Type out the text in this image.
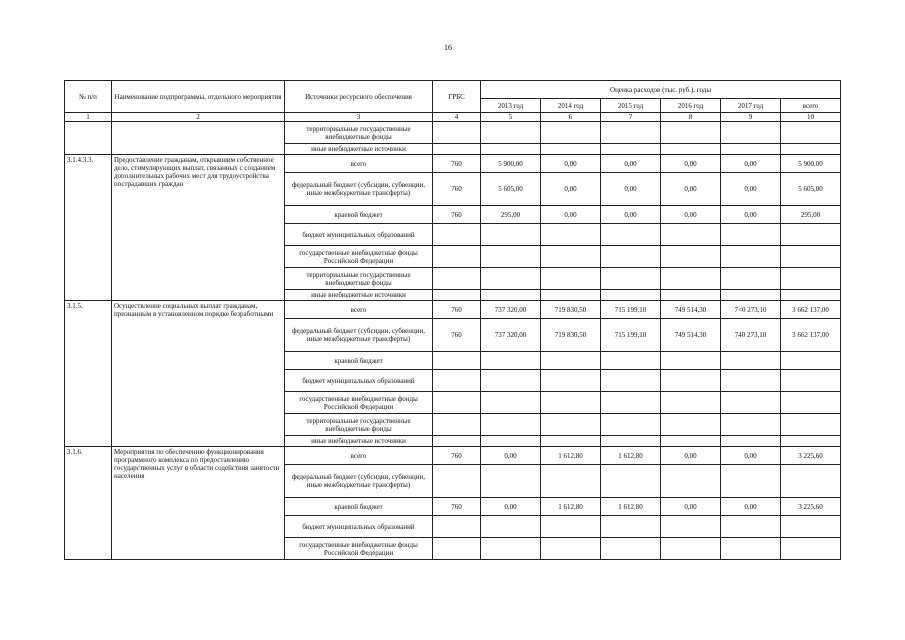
16
№ п/п	Наименование подпрограммы, отдельного мероприятия	Источники ресурсного обеспечения	ГРБС	Оценка расходов (тыс. руб.), годы					
				2013 год	2014 год	2015 год	2016 год	2017 год	всего
1	2	3	4	5	6	7	8	9	10
		территориальные государственные внебюджетные фонды							
		иные внебюджетные источники							
3.1.4.3.3.	Предоставление гражданам, открывшим собственное дело, стимулирующих выплат, связанных с созданием дополнительных рабочих мест для трудоустройства пострадавших граждан	всего	760	5 900,00	0,00	0,00	0,00	0,00	5 900,00
		федеральный бюджет (субсидии, субвенции, иные межбюджетные трансферты)	760	5 605,00	0,00	0,00	0,00	0,00	5 605,00
		краевой бюджет	760	295,00	0,00	0,00	0,00	0,00	295,00
		бюджет муниципальных образований							
		государственные внебюджетные фонды Российской Федерации							
		территориальные государственные внебюджетные фонды							
		иные внебюджетные источники							
3.1.5.	Осуществление социальных выплат гражданам, признанным в установленном порядке безработными	всего	760	737 320,00	719 830,50	715 199,10	749 514,30	7<0 273,10	3 662 137,00
		федеральный бюджет (субсидии, субвенции, иные межбюджетные трансферты)	760	737 320,00	719 830,50	715 199,10	749 514,30	740 273,10	3 662 137,00
		краевой бюджет							
		бюджет муниципальных образований							
		государственные внебюджетные фонды Российской Федерации							
		территориальные государственные внебюджетные фонды							
		иные внебюджетные источники							
3.1.6.	Мероприятия по обеспечению функционирования программного комплекса по предоставлению государственных услуг в области содействия занятости населения	всего	760	0,00	1 612,80	1 612,80	0,00	0,00	3 225,60
		федеральный бюджет (субсидии, субвенции, иные межбюджетные трансферты)							
		краевой бюджет	760	0,00	1 612,80	1 612,80	0,00	0,00	3 225,60
		бюджет муниципальных образований							
		государственные внебюджетные фонды Российской Федерации							
